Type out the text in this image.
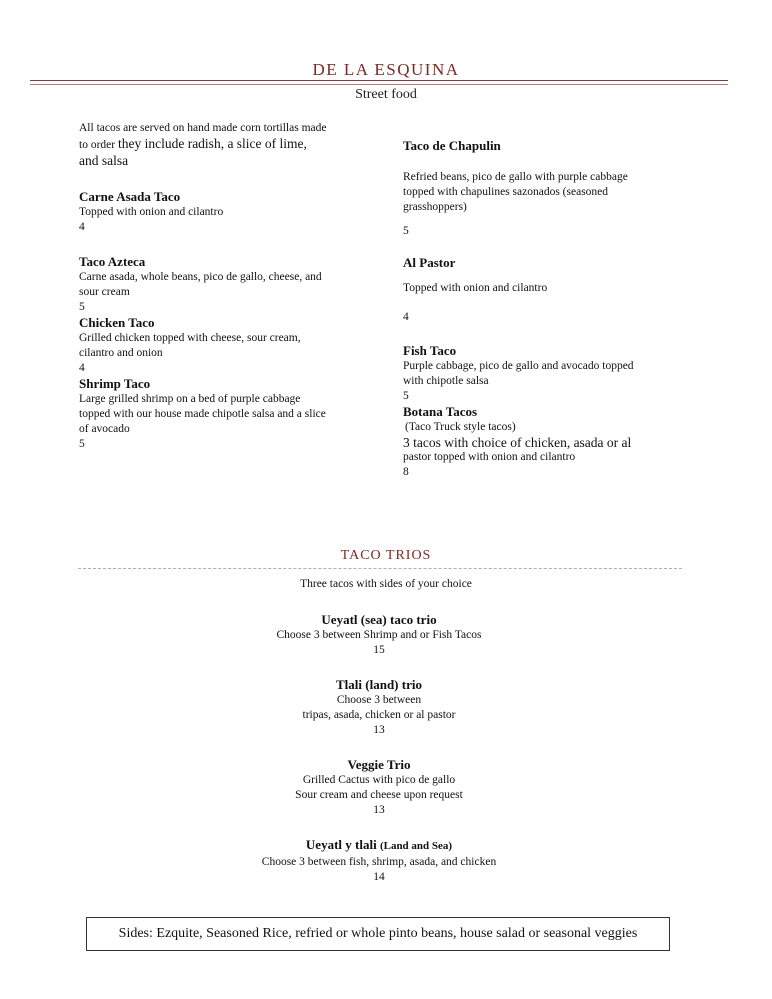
DE LA ESQUINA
Street food

All tacos are served on hand made corn tortillas made
to order they include radish, a slice of lime,
and salsa

Carne Asada Taco

Topped with onion and cilantro

4

Taco Azteca

Carne asada, whole beans, pico de gallo, cheese, and

sour cream

5

Chicken Taco

Grilled chicken topped with cheese, sour cream,

cilantro and onion

4

Shrimp Taco

Large grilled shrimp on a bed of purple cabbage

topped with our house made chipotle salsa and a slice

of avocado

5

Taco de Chapulin

Refried beans, pico de gallo with purple cabbage

topped with chapulines sazonados (seasoned

grasshoppers)

5

Al Pastor

Topped with onion and cilantro

4

Fish Taco

Purple cabbage, pico de gallo and avocado topped

with chipotle salsa

5

Botana Tacos

(Taco Truck style tacos)

3 tacos with choice of chicken, asada or al

pastor topped with onion and cilantro

8

TACO TRIOS
Three tacos with sides of your choice
Ueyatl (sea) taco trio
Choose 3 between Shrimp and or Fish Tacos
15
Tlali (land) trio
Choose 3 between
tripas, asada, chicken or al pastor
13
Veggie Trio
Grilled Cactus with pico de gallo
Sour cream and cheese upon request
13
Ueyatl y tlali (Land and Sea)
Choose 3 between fish, shrimp, asada, and chicken
14
Sides: Ezquite, Seasoned Rice, refried or whole pinto beans, house salad or seasonal veggies
